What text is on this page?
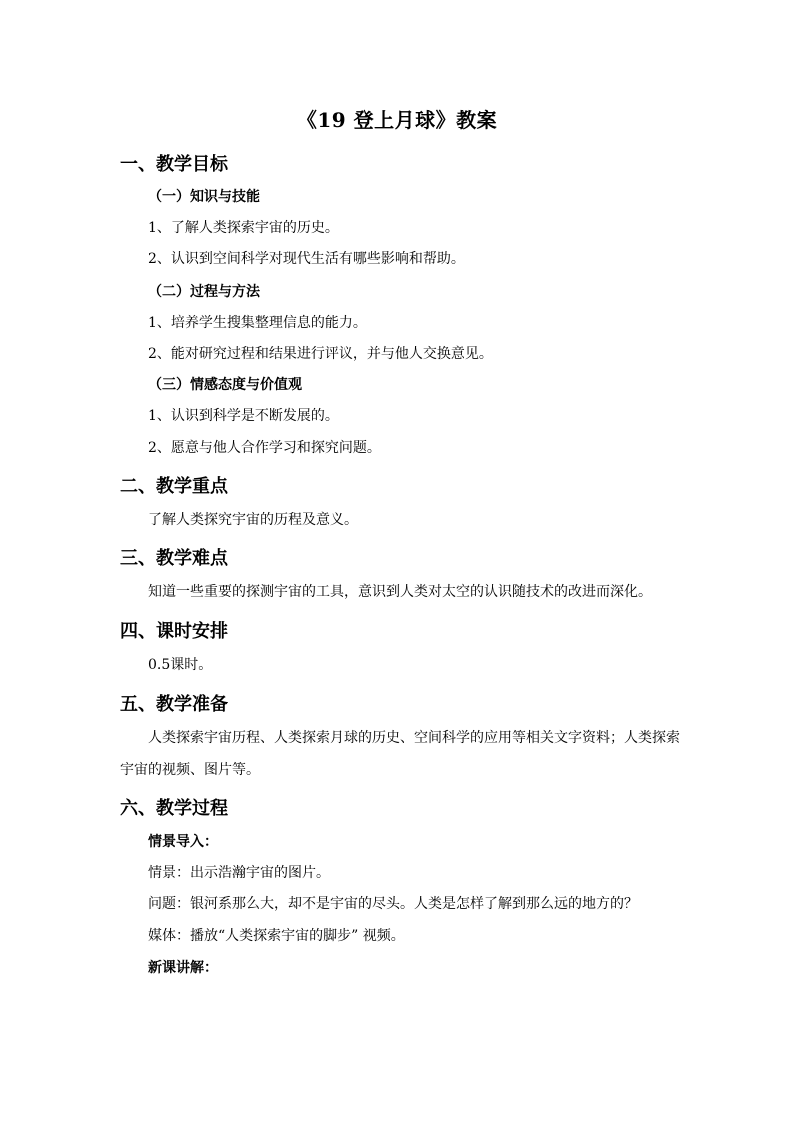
《19 登上月球》教案
一、教学目标
（一）知识与技能
1、了解人类探索宇宙的历史。
2、认识到空间科学对现代生活有哪些影响和帮助。
（二）过程与方法
1、培养学生搜集整理信息的能力。
2、能对研究过程和结果进行评议，并与他人交换意见。
（三）情感态度与价值观
1、认识到科学是不断发展的。
2、愿意与他人合作学习和探究问题。
二、教学重点
了解人类探究宇宙的历程及意义。
三、教学难点
知道一些重要的探测宇宙的工具，意识到人类对太空的认识随技术的改进而深化。
四、课时安排
0.5课时。
五、教学准备
人类探索宇宙历程、人类探索月球的历史、空间科学的应用等相关文字资料；人类探索
宇宙的视频、图片等。
六、教学过程
情景导入：
情景：出示浩瀚宇宙的图片。
问题：银河系那么大，却不是宇宙的尽头。人类是怎样了解到那么远的地方的？
媒体：播放“人类探索宇宙的脚步” 视频。
新课讲解：
